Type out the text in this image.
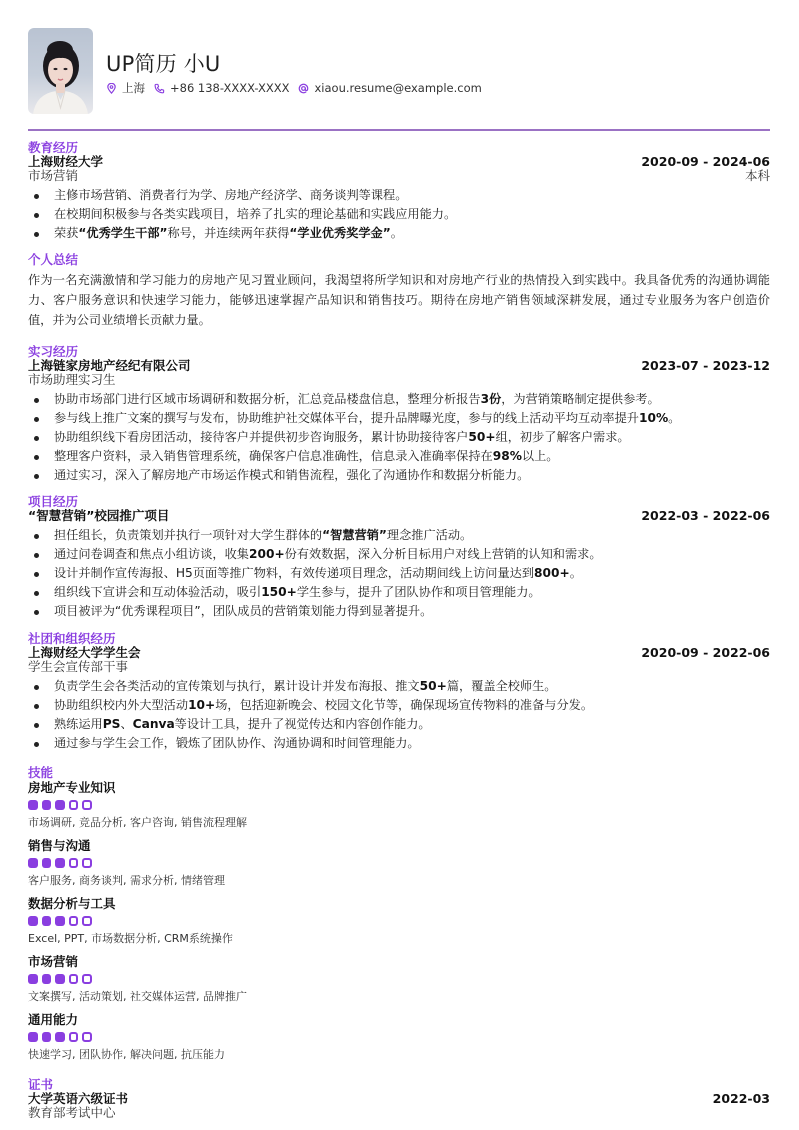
UP简历 小U
上海 +86 138-XXXX-XXXX xiaou.resume@example.com
教育经历
上海财经大学	2020-09 - 2024-06
市场营销	本科
主修市场营销、消费者行为学、房地产经济学、商务谈判等课程。
在校期间积极参与各类实践项目，培养了扎实的理论基础和实践应用能力。
荣获“优秀学生干部”称号，并连续两年获得“学业优秀奖学金”。
个人总结
作为一名充满激情和学习能力的房地产见习置业顾问，我渴望将所学知识和对房地产行业的热情投入到实践中。我具备优秀的沟通协调能力、客户服务意识和快速学习能力，能够迅速掌握产品知识和销售技巧。期待在房地产销售领域深耕发展，通过专业服务为客户创造价值，并为公司业绩增长贡献力量。
实习经历
上海链家房地产经纪有限公司	2023-07 - 2023-12
市场助理实习生
协助市场部门进行区域市场调研和数据分析，汇总竞品楼盘信息，整理分析报告3份，为营销策略制定提供参考。
参与线上推广文案的撰写与发布，协助维护社交媒体平台，提升品牌曝光度，参与的线上活动平均互动率提升10%。
协助组织线下看房团活动，接待客户并提供初步咨询服务，累计协助接待客户50+组，初步了解客户需求。
整理客户资料，录入销售管理系统，确保客户信息准确性，信息录入准确率保持在98%以上。
通过实习，深入了解房地产市场运作模式和销售流程，强化了沟通协作和数据分析能力。
项目经历
“智慧营销”校园推广项目	2022-03 - 2022-06
担任组长，负责策划并执行一项针对大学生群体的“智慧营销”理念推广活动。
通过问卷调查和焦点小组访谈，收集200+份有效数据，深入分析目标用户对线上营销的认知和需求。
设计并制作宣传海报、H5页面等推广物料，有效传递项目理念，活动期间线上访问量达到800+。
组织线下宣讲会和互动体验活动，吸引150+学生参与，提升了团队协作和项目管理能力。
项目被评为“优秀课程项目”，团队成员的营销策划能力得到显著提升。
社团和组织经历
上海财经大学学生会	2020-09 - 2022-06
学生会宣传部干事
负责学生会各类活动的宣传策划与执行，累计设计并发布海报、推文50+篇，覆盖全校师生。
协助组织校内外大型活动10+场，包括迎新晚会、校园文化节等，确保现场宣传物料的准备与分发。
熟练运用PS、Canva等设计工具，提升了视觉传达和内容创作能力。
通过参与学生会工作，锻炼了团队协作、沟通协调和时间管理能力。
技能
房地产专业知识
市场调研, 竞品分析, 客户咨询, 销售流程理解
销售与沟通
客户服务, 商务谈判, 需求分析, 情绪管理
数据分析与工具
Excel, PPT, 市场数据分析, CRM系统操作
市场营销
文案撰写, 活动策划, 社交媒体运营, 品牌推广
通用能力
快速学习, 团队协作, 解决问题, 抗压能力
证书
大学英语六级证书	2022-03
教育部考试中心
